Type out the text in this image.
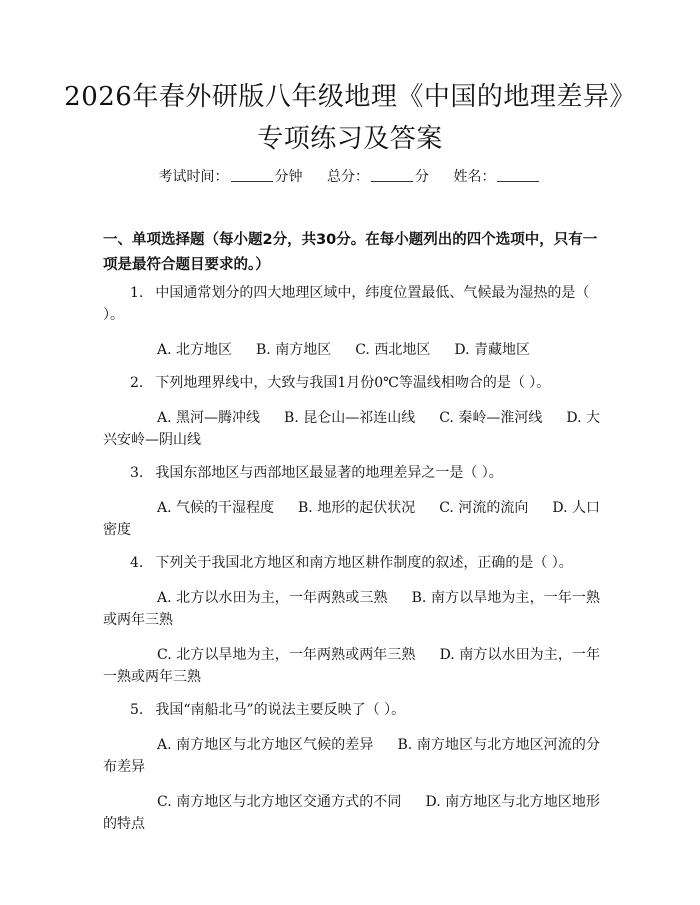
2026年春外研版八年级地理《中国的地理差异》专项练习及答案
考试时间：	分钟 总分：	分 姓名：

一、单项选择题（每小题2分，共30分。在每小题列出的四个选项中，只有一项是最符合题目要求的。）

1. 中国通常划分的四大地理区域中，纬度位置最低、气候最为湿热的是（ ）。

A. 北方地区 B. 南方地区 C. 西北地区 D. 青藏地区

2. 下列地理界线中，大致与我国1月份0℃等温线相吻合的是（ ）。

A. 黑河—腾冲线 B. 昆仑山—祁连山线 C. 秦岭—淮河线 D. 大兴安岭—阴山线

3. 我国东部地区与西部地区最显著的地理差异之一是（ ）。

A. 气候的干湿程度 B. 地形的起伏状况 C. 河流的流向 D. 人口密度

4. 下列关于我国北方地区和南方地区耕作制度的叙述，正确的是（ ）。

A. 北方以水田为主，一年两熟或三熟 B. 南方以旱地为主，一年一熟或两年三熟

C. 北方以旱地为主，一年两熟或两年三熟 D. 南方以水田为主，一年一熟或两年三熟

5. 我国“南船北马”的说法主要反映了（ ）。

A. 南方地区与北方地区气候的差异 B. 南方地区与北方地区河流的分布差异

C. 南方地区与北方地区交通方式的不同 D. 南方地区与北方地区地形的特点
